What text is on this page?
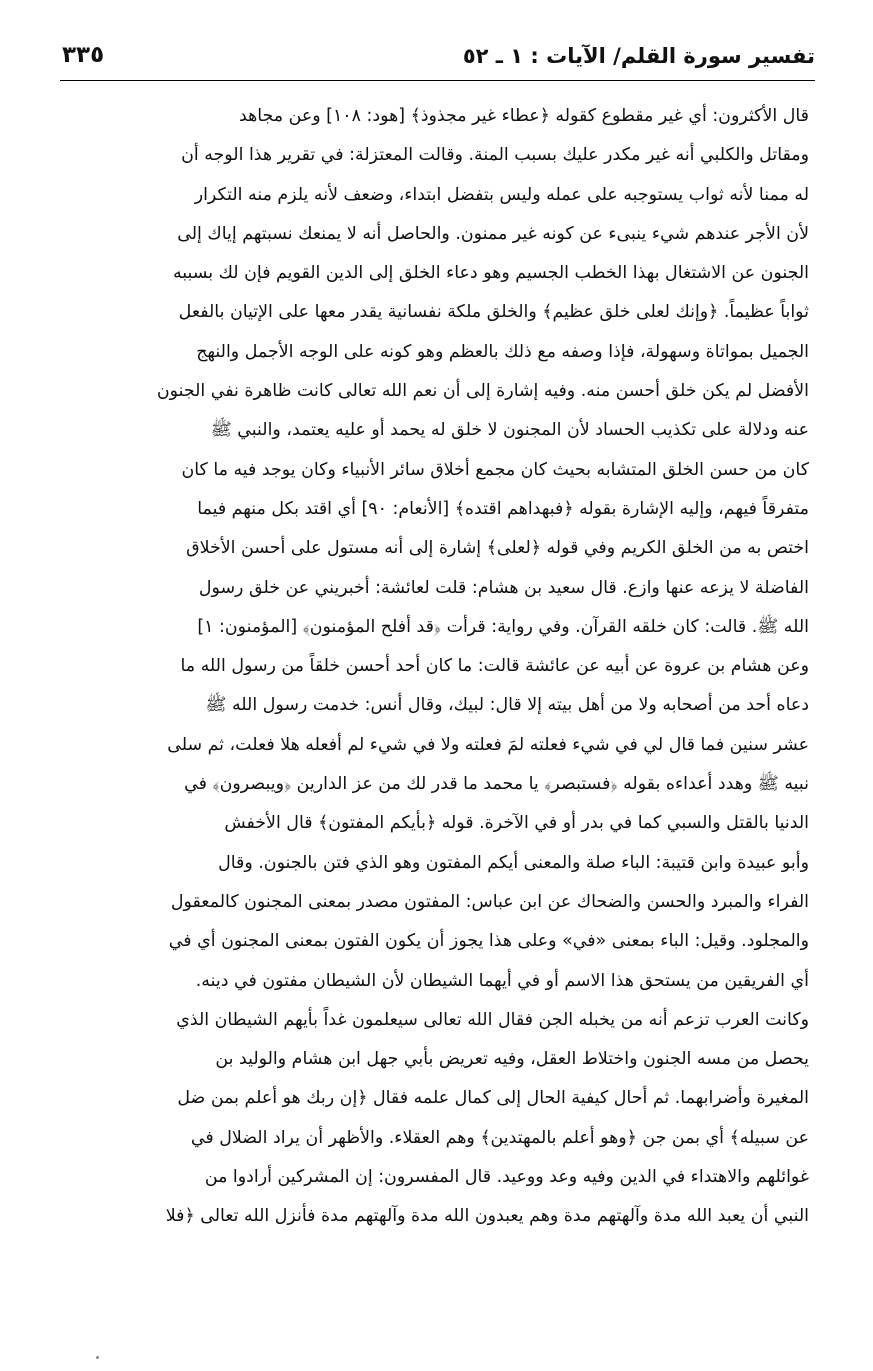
تفسير سورة القلم/ الآيات : ١ ـ ٥٢
٣٣٥
قال الأكثرون: أي غير مقطوع كقوله ﴿عطاء غير مجذوذ﴾ [هود: ١٠٨] وعن مجاهد
ومقاتل والكلبي أنه غير مكدر عليك بسبب المنة. وقالت المعتزلة: في تقرير هذا الوجه أن
له ممنا لأنه ثواب يستوجبه على عمله وليس بتفضل ابتداء، وضعف لأنه يلزم منه التكرار
لأن الأجر عندهم شيء ينبىء عن كونه غير ممنون. والحاصل أنه لا يمنعك نسبتهم إياك إلى
الجنون عن الاشتغال بهذا الخطب الجسيم وهو دعاء الخلق إلى الدين القويم فإن لك بسببه
ثواباً عظيماً. ﴿وإنك لعلى خلق عظيم﴾ والخلق ملكة نفسانية يقدر معها على الإتيان بالفعل
الجميل بمواتاة وسهولة، فإذا وصفه مع ذلك بالعظم وهو كونه على الوجه الأجمل والنهج
الأفضل لم يكن خلق أحسن منه. وفيه إشارة إلى أن نعم الله تعالى كانت ظاهرة نفي الجنون
عنه ودلالة على تكذيب الحساد لأن المجنون لا خلق له يحمد أو عليه يعتمد، والنبي ﷺ
كان من حسن الخلق المتشابه بحيث كان مجمع أخلاق سائر الأنبياء وكان يوجد فيه ما كان
متفرقاً فيهم، وإليه الإشارة بقوله ﴿فبهداهم اقتده﴾ [الأنعام: ٩٠] أي اقتد بكل منهم فيما
اختص به من الخلق الكريم وفي قوله ﴿لعلى﴾ إشارة إلى أنه مستول على أحسن الأخلاق
الفاضلة لا يزعه عنها وازع. قال سعيد بن هشام: قلت لعائشة: أخبريني عن خلق رسول
الله ﷺ. قالت: كان خلقه القرآن. وفي رواية: قرأت ﴿قد أفلح المؤمنون﴾ [المؤمنون: ١]
وعن هشام بن عروة عن أبيه عن عائشة قالت: ما كان أحد أحسن خلقاً من رسول الله ما
دعاه أحد من أصحابه ولا من أهل بيته إلا قال: لبيك، وقال أنس: خدمت رسول الله ﷺ
عشر سنين فما قال لي في شيء فعلته لمَ فعلته ولا في شيء لم أفعله هلا فعلت، ثم سلى
نبيه ﷺ وهدد أعداءه بقوله ﴿فستبصر﴾ يا محمد ما قدر لك من عز الدارين ﴿ويبصرون﴾ في
الدنيا بالقتل والسبي كما في بدر أو في الآخرة. قوله ﴿بأيكم المفتون﴾ قال الأخفش
وأبو عبيدة وابن قتيبة: الباء صلة والمعنى أيكم المفتون وهو الذي فتن بالجنون. وقال
الفراء والمبرد والحسن والضحاك عن ابن عباس: المفتون مصدر بمعنى المجنون كالمعقول
والمجلود. وقيل: الباء بمعنى «في» وعلى هذا يجوز أن يكون الفتون بمعنى المجنون أي في
أي الفريقين من يستحق هذا الاسم أو في أيهما الشيطان لأن الشيطان مفتون في دينه.
وكانت العرب تزعم أنه من يخبله الجن فقال الله تعالى سيعلمون غداً بأيهم الشيطان الذي
يحصل من مسه الجنون واختلاط العقل، وفيه تعريض بأبي جهل ابن هشام والوليد بن
المغيرة وأضرابهما. ثم أحال كيفية الحال إلى كمال علمه فقال ﴿إن ربك هو أعلم بمن ضل
عن سبيله﴾ أي بمن جن ﴿وهو أعلم بالمهتدين﴾ وهم العقلاء. والأظهر أن يراد الضلال في
غوائلهم والاهتداء في الدين وفيه وعد ووعيد. قال المفسرون: إن المشركين أرادوا من
النبي أن يعبد الله مدة وآلهتهم مدة وهم يعبدون الله مدة وآلهتهم مدة فأنزل الله تعالى ﴿فلا
